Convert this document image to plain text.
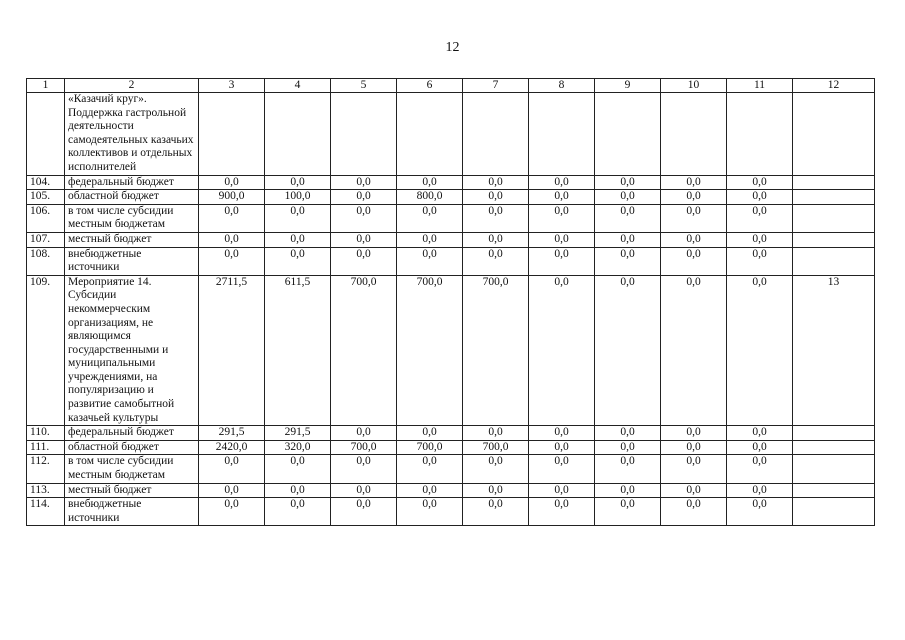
12
1	2	3	4	5	6	7	8	9	10	11	12
	«Казачий круг». Поддержка гастрольной деятельности самодеятельных казачьих коллективов и отдельных исполнителей										
104.	федеральный бюджет	0,0	0,0	0,0	0,0	0,0	0,0	0,0	0,0	0,0	
105.	областной бюджет	900,0	100,0	0,0	800,0	0,0	0,0	0,0	0,0	0,0	
106.	в том числе субсидии местным бюджетам	0,0	0,0	0,0	0,0	0,0	0,0	0,0	0,0	0,0	
107.	местный бюджет	0,0	0,0	0,0	0,0	0,0	0,0	0,0	0,0	0,0	
108.	внебюджетные источники	0,0	0,0	0,0	0,0	0,0	0,0	0,0	0,0	0,0	
109.	Мероприятие 14. Субсидии некоммерческим организациям, не являющимся государственными и муниципальными учреждениями, на популяризацию и развитие самобытной казачьей культуры	2711,5	611,5	700,0	700,0	700,0	0,0	0,0	0,0	0,0	13
110.	федеральный бюджет	291,5	291,5	0,0	0,0	0,0	0,0	0,0	0,0	0,0	
111.	областной бюджет	2420,0	320,0	700,0	700,0	700,0	0,0	0,0	0,0	0,0	
112.	в том числе субсидии местным бюджетам	0,0	0,0	0,0	0,0	0,0	0,0	0,0	0,0	0,0	
113.	местный бюджет	0,0	0,0	0,0	0,0	0,0	0,0	0,0	0,0	0,0	
114.	внебюджетные источники	0,0	0,0	0,0	0,0	0,0	0,0	0,0	0,0	0,0	
